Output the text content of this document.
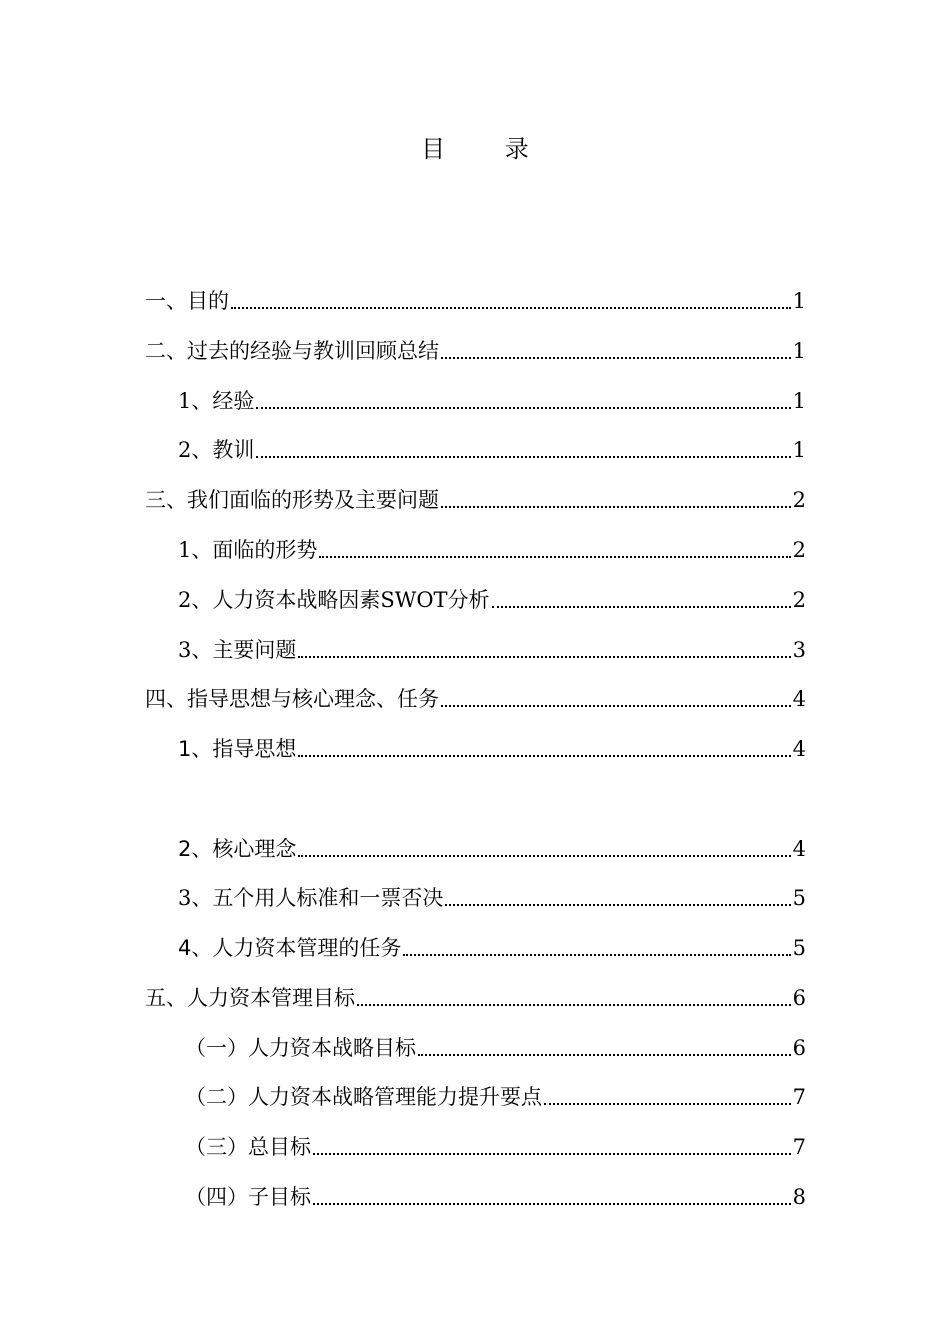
目 录
一、目的	1
二、过去的经验与教训回顾总结	1
1、经验	1
2、教训	1
三、我们面临的形势及主要问题	2
1、面临的形势	2
2、人力资本战略因素SWOT分析	2
3、主要问题	3
四、指导思想与核心理念、任务	4
1、指导思想	4
2、核心理念	4
3、五个用人标准和一票否决	5
4、人力资本管理的任务	5
五、人力资本管理目标	6
（一）人力资本战略目标	6
（二）人力资本战略管理能力提升要点	7
（三）总目标	7
（四）子目标	8
